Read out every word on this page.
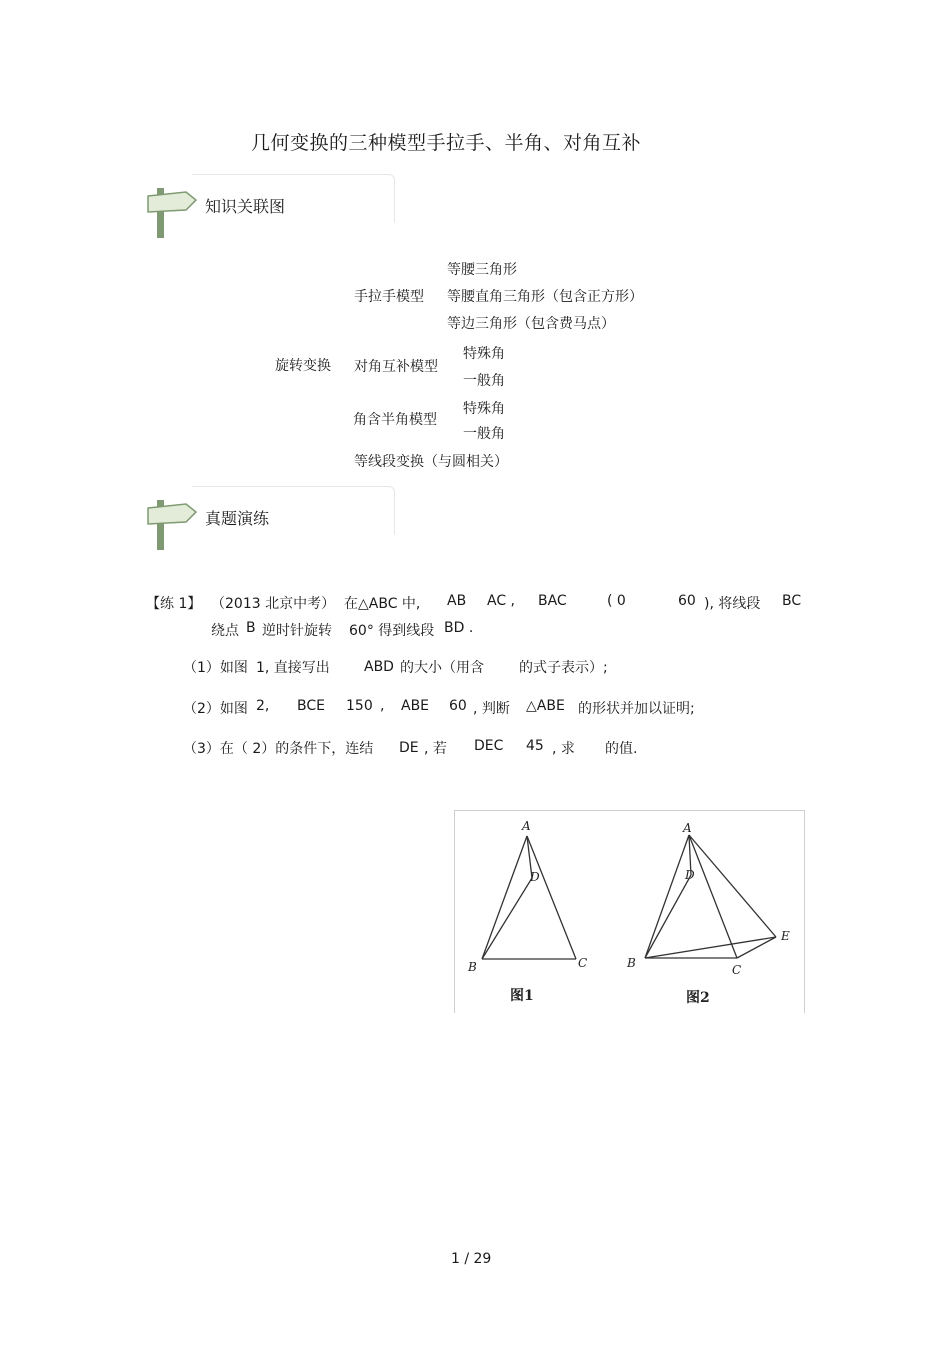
几何变换的三种模型手拉手、半角、对角互补
知识关联图
等腰三角形
手拉手模型 等腰直角三角形（包含正方形）
等边三角形（包含费马点）
特殊角
旋转变换 对角互补模型
一般角
特殊角
角含半角模型
一般角
等线段变换（与圆相关）
真题演练
【练 1】 （2013 北京中考） 在△ABC 中, AB AC , BAC	( 0	60 ), 将线段 BC
绕点 B 逆时针旋转 60° 得到线段 BD .
（1）如图 1, 直接写出 ABD 的大小（用含	的式子表示）;
（2）如图 2, BCE 150 , ABE 60 , 判断 △ABE 的形状并加以证明;
（3）在（ 2）的条件下，连结 DE , 若 DEC 45 , 求 的值.
A
D
B	C
图1
A
D
E
B	C
图2
1 / 29
